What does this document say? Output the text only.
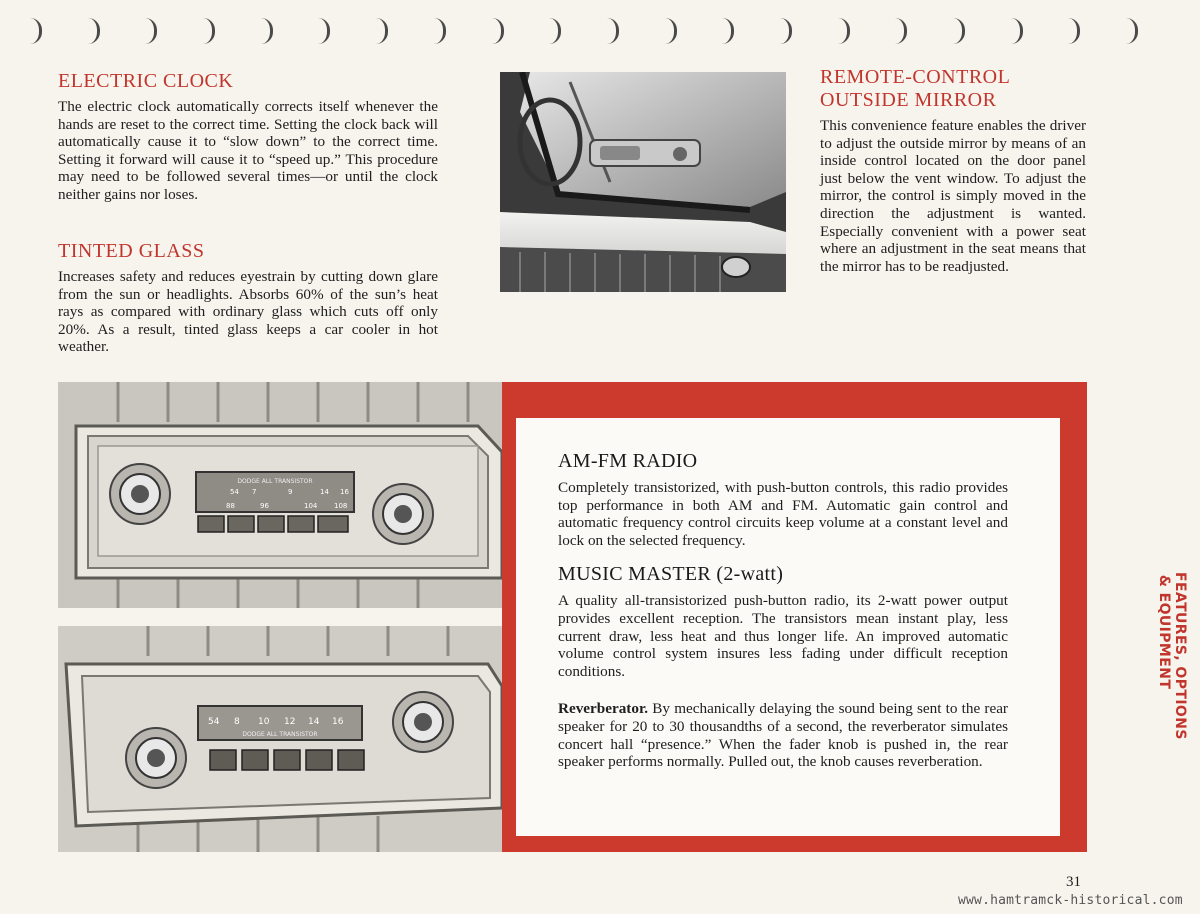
ELECTRIC CLOCK

The electric clock automatically corrects itself whenever the hands are reset to the correct time. Setting the clock back will automatically cause it to “slow down” to the correct time. Setting it forward will cause it to “speed up.” This procedure may need to be followed several times—or until the clock neither gains nor loses.

TINTED GLASS

Increases safety and reduces eyestrain by cutting down glare from the sun or headlights. Absorbs 60% of the sun’s heat rays as compared with ordinary glass which cuts off only 20%. As a result, tinted glass keeps a car cooler in hot weather.

REMOTE-CONTROL
OUTSIDE MIRROR

This convenience feature enables the driver to adjust the outside mirror by means of an inside control located on the door panel just below the vent window. To adjust the mirror, the control is simply moved in the direction the adjustment is wanted. Especially convenient with a power seat where an adjustment in the seat means that the mirror has to be readjusted.

DODGE ALL TRANSISTOR
54 7	9	14 16
88	96	104 108
54 8 10 12 14 16
DODGE ALL TRANSISTOR
AM-FM RADIO

Completely transistorized, with push-button controls, this radio provides top performance in both AM and FM. Automatic gain control and automatic frequency control circuits keep volume at a constant level and lock on the selected frequency.

MUSIC MASTER (2-watt)

A quality all-transistorized push-button radio, its 2-watt power output provides excellent reception. The transistors mean instant play, less current draw, less heat and thus longer life. An improved automatic volume control system insures less fading under difficult reception conditions.

Reverberator. By mechanically delaying the sound being sent to the rear speaker for 20 to 30 thousandths of a second, the reverberator simulates concert hall “presence.” When the fader knob is pushed in, the rear speaker performs normally. Pulled out, the knob causes reverberation.

FEATURES, OPTIONS
& EQUIPMENT
31
www.hamtramck-historical.com
